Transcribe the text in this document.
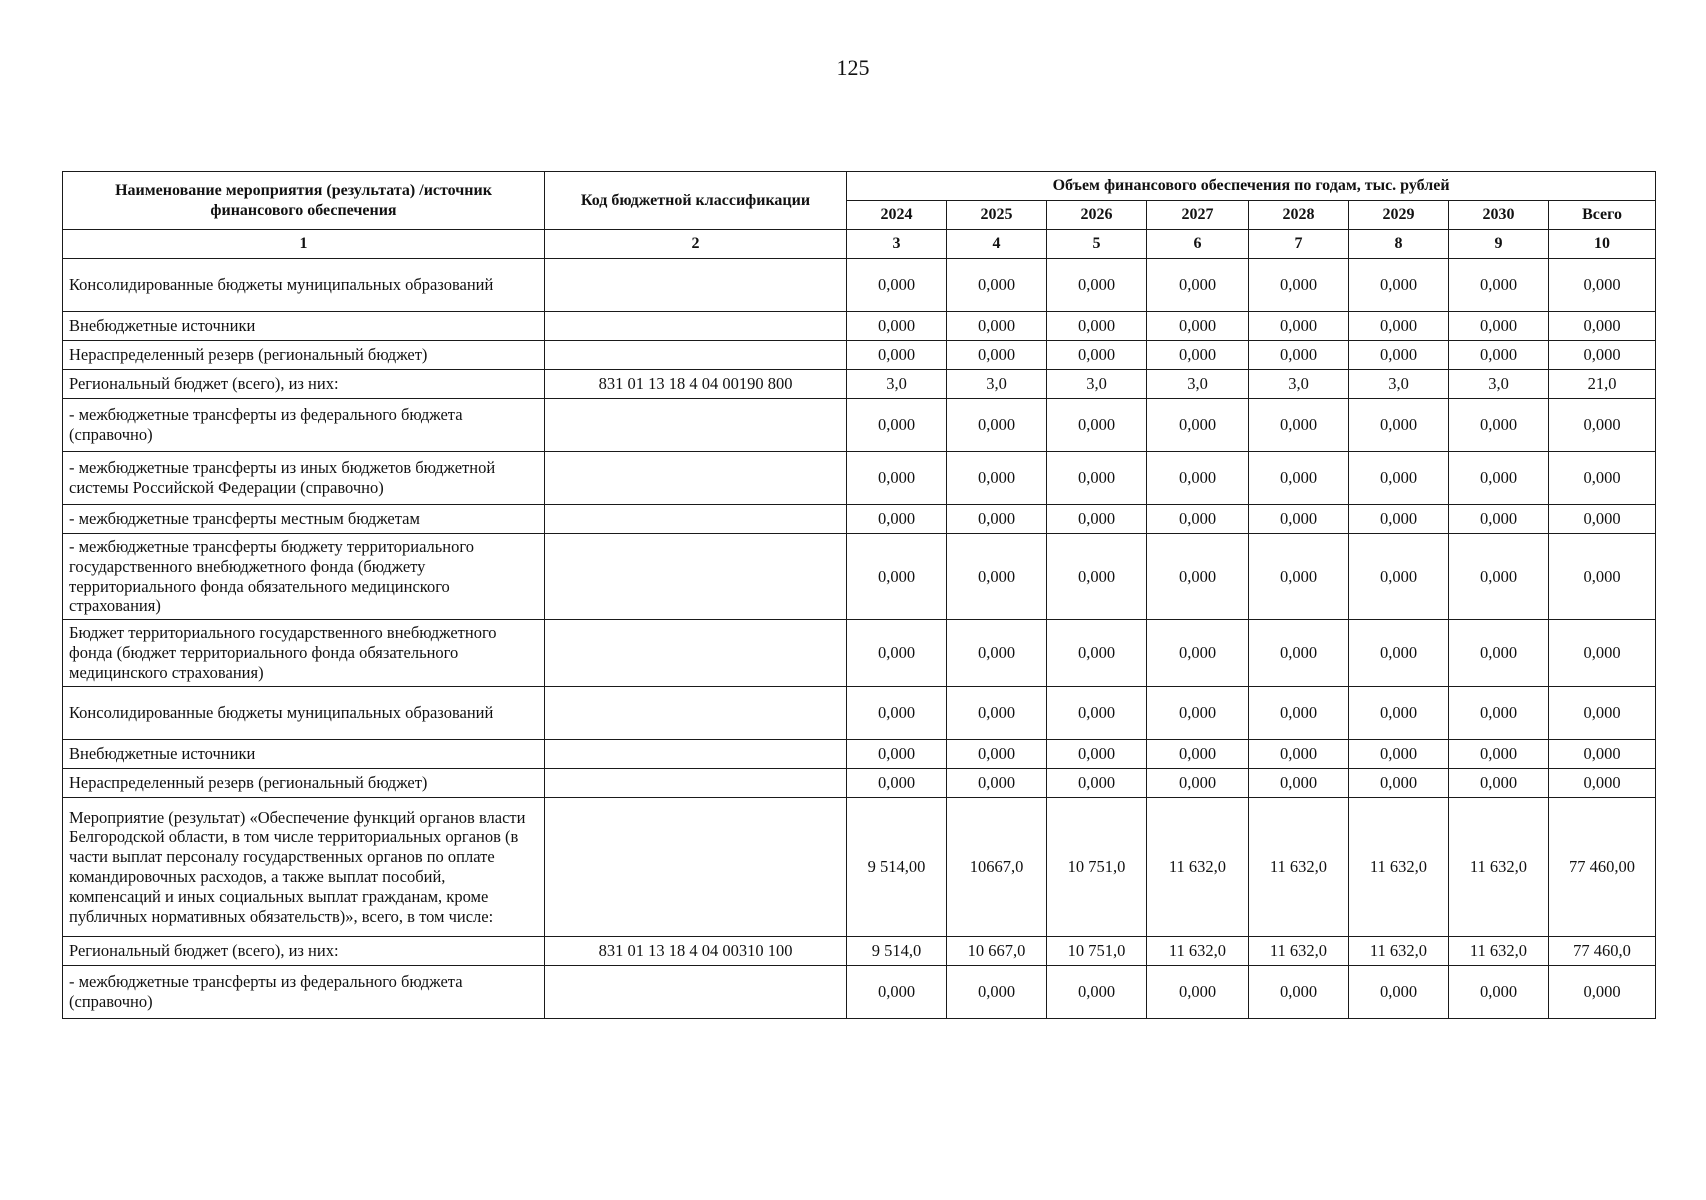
125
Наименование мероприятия (результата) /источник финансового обеспечения	Код бюджетной классификации	Объем финансового обеспечения по годам, тыс. рублей							
		2024	2025	2026	2027	2028	2029	2030	Всего
1	2	3	4	5	6	7	8	9	10
Консолидированные бюджеты муниципальных образований		0,000	0,000	0,000	0,000	0,000	0,000	0,000	0,000
Внебюджетные источники		0,000	0,000	0,000	0,000	0,000	0,000	0,000	0,000
Нераспределенный резерв (региональный бюджет)		0,000	0,000	0,000	0,000	0,000	0,000	0,000	0,000
Региональный бюджет (всего), из них:	831 01 13 18 4 04 00190 800	3,0	3,0	3,0	3,0	3,0	3,0	3,0	21,0
- межбюджетные трансферты из федерального бюджета (справочно)		0,000	0,000	0,000	0,000	0,000	0,000	0,000	0,000
- межбюджетные трансферты из иных бюджетов бюджетной системы Российской Федерации (справочно)		0,000	0,000	0,000	0,000	0,000	0,000	0,000	0,000
- межбюджетные трансферты местным бюджетам		0,000	0,000	0,000	0,000	0,000	0,000	0,000	0,000
- межбюджетные трансферты бюджету территориального государственного внебюджетного фонда (бюджету территориального фонда обязательного медицинского страхования)		0,000	0,000	0,000	0,000	0,000	0,000	0,000	0,000
Бюджет территориального государственного внебюджетного фонда (бюджет территориального фонда обязательного медицинского страхования)		0,000	0,000	0,000	0,000	0,000	0,000	0,000	0,000
Консолидированные бюджеты муниципальных образований		0,000	0,000	0,000	0,000	0,000	0,000	0,000	0,000
Внебюджетные источники		0,000	0,000	0,000	0,000	0,000	0,000	0,000	0,000
Нераспределенный резерв (региональный бюджет)		0,000	0,000	0,000	0,000	0,000	0,000	0,000	0,000
Мероприятие (результат) «Обеспечение функций органов власти Белгородской области, в том числе территориальных органов (в части выплат персоналу государственных органов по оплате командировочных расходов, а также выплат пособий, компенсаций и иных социальных выплат гражданам, кроме публичных нормативных обязательств)», всего, в том числе:		9 514,00	10667,0	10 751,0	11 632,0	11 632,0	11 632,0	11 632,0	77 460,00
Региональный бюджет (всего), из них:	831 01 13 18 4 04 00310 100	9 514,0	10 667,0	10 751,0	11 632,0	11 632,0	11 632,0	11 632,0	77 460,0
- межбюджетные трансферты из федерального бюджета (справочно)		0,000	0,000	0,000	0,000	0,000	0,000	0,000	0,000
